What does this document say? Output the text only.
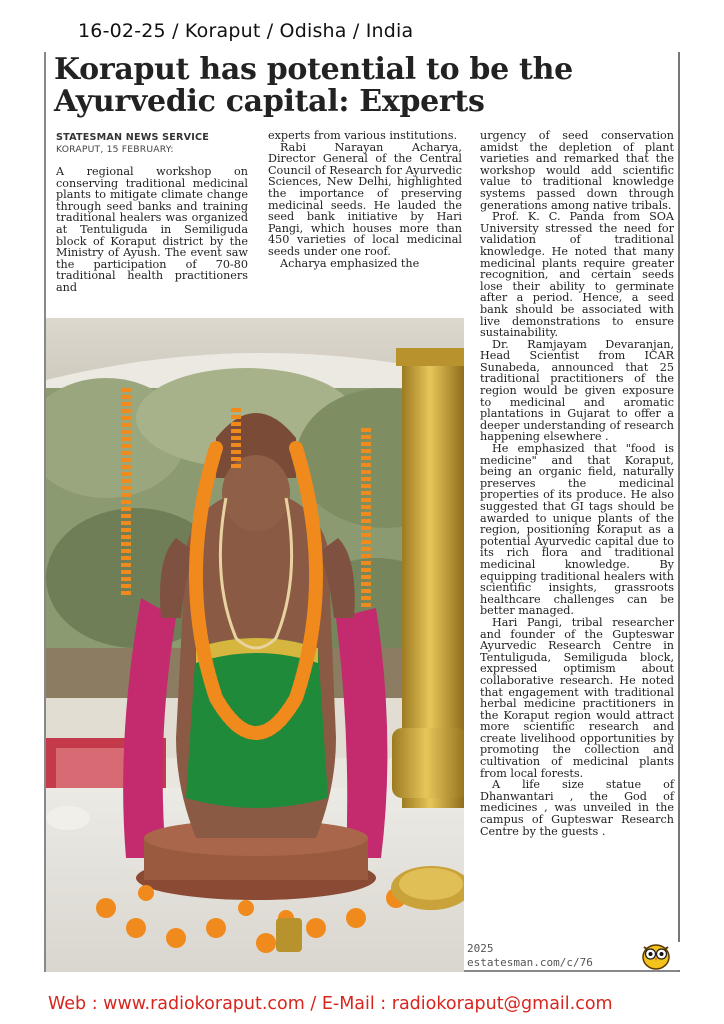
16-02-25 / Koraput / Odisha / India
Koraput has potential to be the Ayurvedic capital: Experts
STATESMAN NEWS SERVICE
KORAPUT, 15 FEBRUARY:

A regional workshop on conserving traditional medicinal plants to mitigate climate change through seed banks and training traditional healers was organized at Tentuliguda in Semiliguda block of Koraput district by the Ministry of Ayush. The event saw the participation of 70-80 traditional health practitioners and

experts from various institutions.

Rabi Narayan Acharya, Director General of the Central Council of Research for Ayurvedic Sciences, New Delhi, highlighted the importance of preserving medicinal seeds. He lauded the seed bank initiative by Hari Pangi, which houses more than 450 varieties of local medicinal seeds under one roof.

Acharya emphasized the

urgency of seed conservation amidst the depletion of plant varieties and remarked that the workshop would add scientific value to traditional knowledge systems passed down through generations among native tribals.

Prof. K. C. Panda from SOA University stressed the need for validation of traditional knowledge. He noted that many medicinal plants require greater recognition, and certain seeds lose their ability to germinate after a period. Hence, a seed bank should be associated with live demonstrations to ensure sustainability.

Dr. Ramjayam Devaranjan, Head Scientist from ICAR Sunabeda, announced that 25 traditional practitioners of the region would be given exposure to medicinal and aromatic plantations in Gujarat to offer a deeper understanding of research happening elsewhere .

He emphasized that "food is medicine" and that Koraput, being an organic field, naturally preserves the medicinal properties of its produce. He also suggested that GI tags should be awarded to unique plants of the region, positioning Koraput as a potential Ayurvedic capital due to its rich flora and traditional medicinal knowledge. By equipping traditional healers with scientific insights, grassroots healthcare challenges can be better managed.

Hari Pangi, tribal researcher and founder of the Gupteswar Ayurvedic Research Centre in Tentuliguda, Semiliguda block, expressed optimism about collaborative research. He noted that engagement with traditional herbal medicine practitioners in the Koraput region would attract more scientific research and create livelihood opportunities by promoting the collection and cultivation of medicinal plants from local forests.

A life size statue of Dhanwantari , the God of medicines , was unveiled in the campus of Gupteswar Research Centre by the guests .

2025
estatesman.com/c/76
Web : www.radiokoraput.com / E-Mail : radiokoraput@gmail.com
